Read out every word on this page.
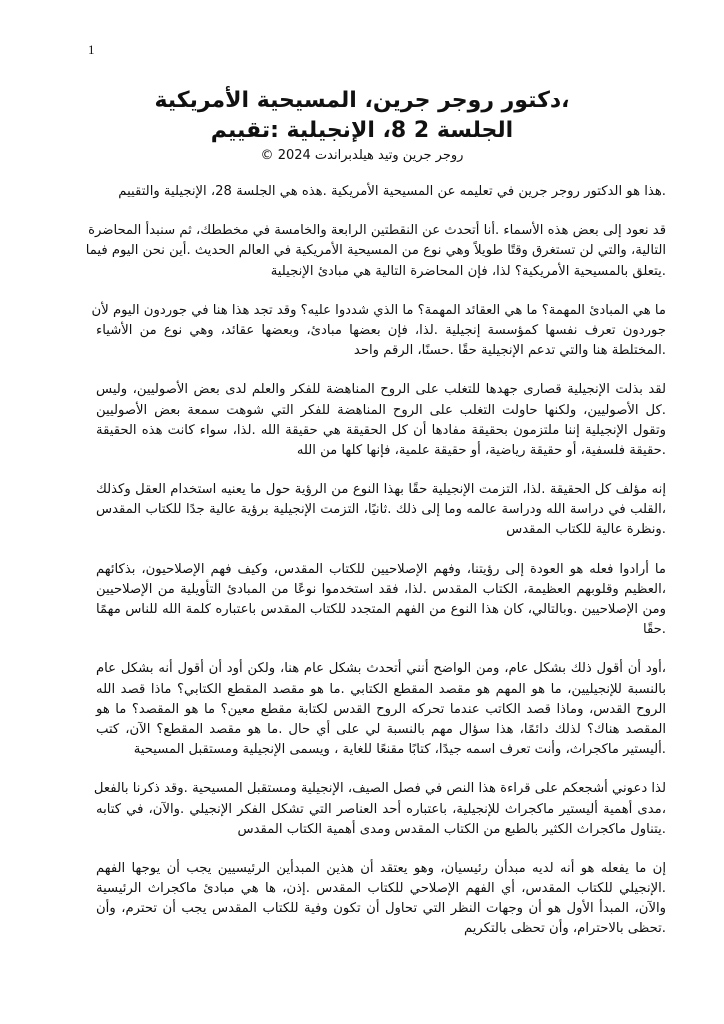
1
،دكتور روجر جرين، المسيحية الأمريكية
الجلسة 2 8، الإنجيلية :تقييم
روجر جرين وتيد هيلدبراندت 2024 ©
.هذا هو الدكتور روجر جرين في تعليمه عن المسيحية الأمريكية .هذه هي الجلسة 28، الإنجيلية والتقييم
قد نعود إلى بعض هذه الأسماء .أنا أتحدث عن النقطتين الرابعة والخامسة في مخططك، ثم سنبدأ المحاضرة
التالية، والتي لن تستغرق وقتًا طويلاً وهي نوع من المسيحية الأمريكية في العالم الحديث .أين نحن اليوم فيما
.يتعلق بالمسيحية الأمريكية؟ لذا، فإن المحاضرة التالية هي مبادئ الإنجيلية
ما هي المبادئ المهمة؟ ما هي العقائد المهمة؟ ما الذي شددوا عليه؟ وقد تجد هذا هنا في جوردون اليوم لأن
جوردون تعرف نفسها كمؤسسة إنجيلية .لذا، فإن بعضها مبادئ، وبعضها عقائد، وهي نوع من الأشياء
.المختلطة هنا والتي تدعم الإنجيلية حقًا .حسنًا، الرقم واحد
لقد بذلت الإنجيلية قصارى جهدها للتغلب على الروح المناهضة للفكر والعلم لدى بعض الأصوليين، وليس
.كل الأصوليين، ولكنها حاولت التغلب على الروح المناهضة للفكر التي شوهت سمعة بعض الأصوليين
وتقول الإنجيلية إننا ملتزمون بحقيقة مفادها أن كل الحقيقة هي حقيقة الله .لذا، سواء كانت هذه الحقيقة
.حقيقة فلسفية، أو حقيقة رياضية، أو حقيقة علمية، فإنها كلها من الله
إنه مؤلف كل الحقيقة .لذا، التزمت الإنجيلية حقًا بهذا النوع من الرؤية حول ما يعنيه استخدام العقل وكذلك
،القلب في دراسة الله ودراسة عالمه وما إلى ذلك .ثانيًا، التزمت الإنجيلية برؤية عالية جدًا للكتاب المقدس
.ونظرة عالية للكتاب المقدس
ما أرادوا فعله هو العودة إلى رؤيتنا، وفهم الإصلاحيين للكتاب المقدس، وكيف فهم الإصلاحيون، بذكائهم
،العظيم وقلوبهم العظيمة، الكتاب المقدس .لذا، فقد استخدموا نوعًا من المبادئ التأويلية من الإصلاحيين
ومن الإصلاحيين .وبالتالي، كان هذا النوع من الفهم المتجدد للكتاب المقدس باعتباره كلمة الله للناس مهمًا
.حقًا
،أود أن أقول ذلك بشكل عام، ومن الواضح أنني أتحدث بشكل عام هنا، ولكن أود أن أقول أنه بشكل عام
بالنسبة للإنجيليين، ما هو المهم هو مقصد المقطع الكتابي .ما هو مقصد المقطع الكتابي؟ ماذا قصد الله
الروح القدس، وماذا قصد الكاتب عندما تحركه الروح القدس لكتابة مقطع معين؟ ما هو المقصد؟ ما هو
المقصد هناك؟ لذلك دائمًا، هذا سؤال مهم بالنسبة لي على أي حال .ما هو مقصد المقطع؟ الآن، كتب
.أليستير ماكجراث، وأنت تعرف اسمه جيدًا، كتابًا مقنعًا للغاية ، ويسمى الإنجيلية ومستقبل المسيحية
لذا دعوني أشجعكم على قراءة هذا النص في فصل الصيف، الإنجيلية ومستقبل المسيحية .وقد ذكرنا بالفعل
،مدى أهمية أليستير ماكجراث للإنجيلية، باعتباره أحد العناصر التي تشكل الفكر الإنجيلي .والآن، في كتابه
.يتناول ماكجراث الكثير بالطبع من الكتاب المقدس ومدى أهمية الكتاب المقدس
إن ما يفعله هو أنه لديه مبدأن رئيسيان، وهو يعتقد أن هذين المبدأين الرئيسيين يجب أن يوجها الفهم
.الإنجيلي للكتاب المقدس، أي الفهم الإصلاحي للكتاب المقدس .إذن، ها هي مبادئ ماكجراث الرئيسية
والآن، المبدأ الأول هو أن وجهات النظر التي تحاول أن تكون وفية للكتاب المقدس يجب أن تحترم، وأن
.تحظى بالاحترام، وأن تحظى بالتكريم
